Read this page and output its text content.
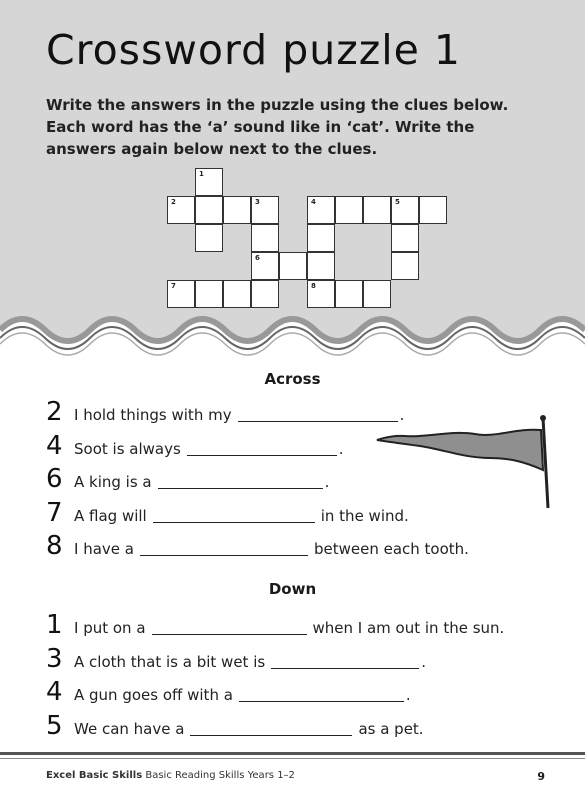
Crossword puzzle 1

Write the answers in the puzzle using the clues below. Each word has the ‘a’ sound like in ‘cat’. Write the answers again below next to the clues.

1
2	3	4	5
6
7	8
Across
2 I hold things with my	.
4 Soot is always	.
6 A king is a	.
7 A flag will	in the wind.
8 I have a	between each tooth.
Down
1 I put on a	when I am out in the sun.
3 A cloth that is a bit wet is	.
4 A gun goes off with a	.
5 We can have a	as a pet.
Excel Basic Skills Basic Reading Skills Years 1–2	9
